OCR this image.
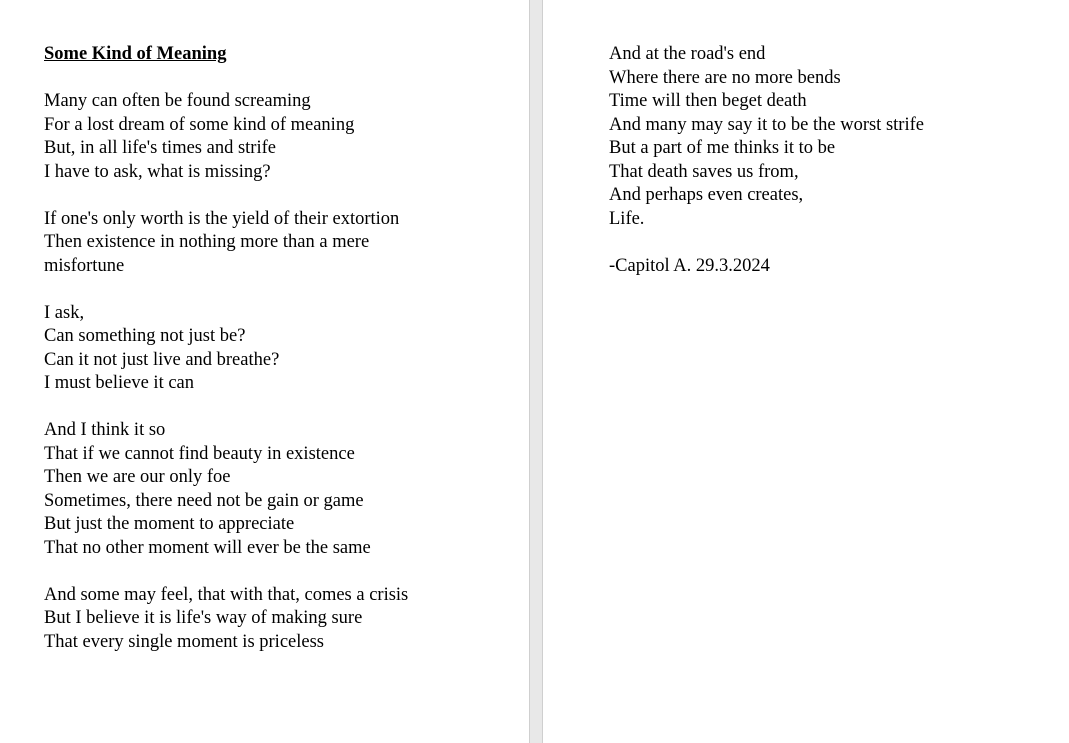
Some Kind of Meaning
Many can often be found screaming
For a lost dream of some kind of meaning
But, in all life's times and strife
I have to ask, what is missing?
If one's only worth is the yield of their extortion
Then existence in nothing more than a mere
misfortune
I ask,
Can something not just be?
Can it not just live and breathe?
I must believe it can
And I think it so
That if we cannot find beauty in existence
Then we are our only foe
Sometimes, there need not be gain or game
But just the moment to appreciate
That no other moment will ever be the same
And some may feel, that with that, comes a crisis
But I believe it is life's way of making sure
That every single moment is priceless
And at the road's end
Where there are no more bends
Time will then beget death
And many may say it to be the worst strife
But a part of me thinks it to be
That death saves us from,
And perhaps even creates,
Life.
-Capitol A. 29.3.2024
